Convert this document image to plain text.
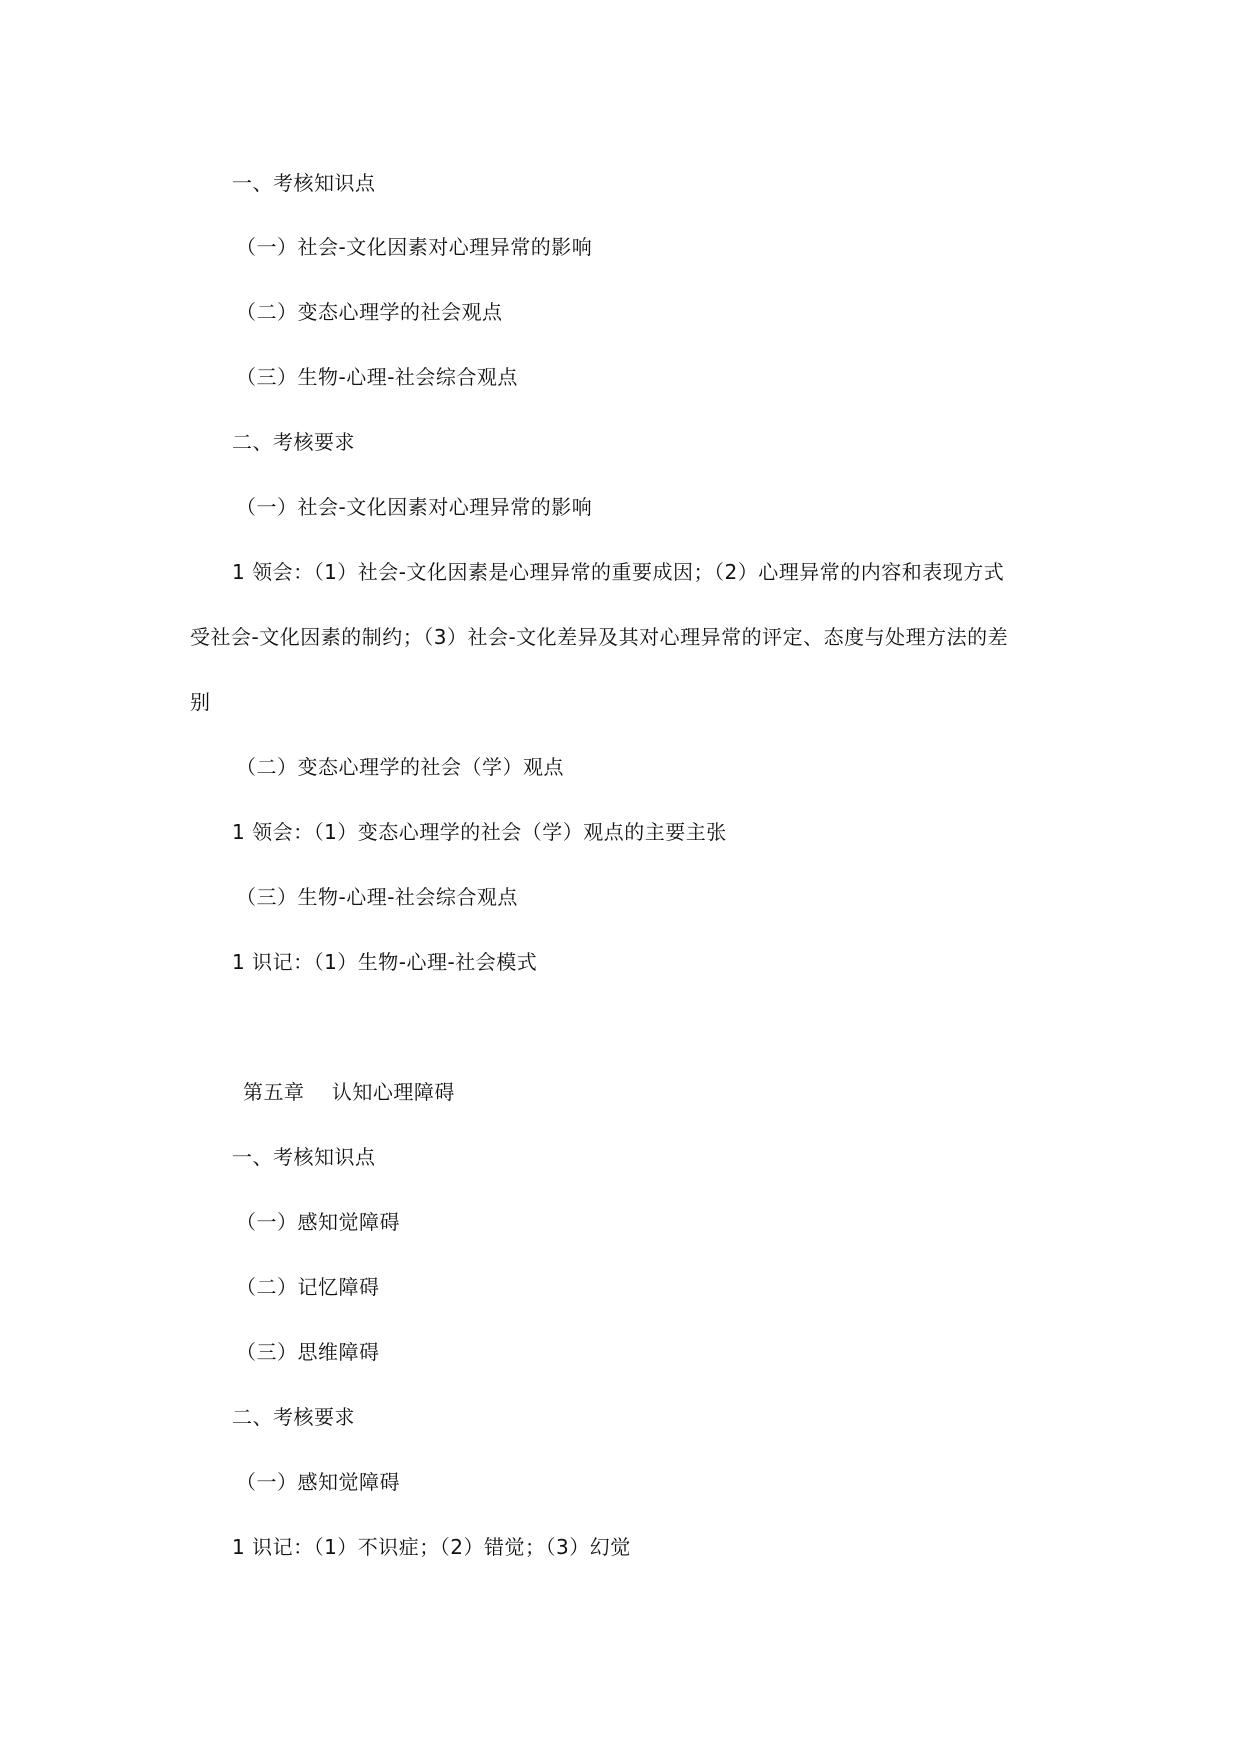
一、考核知识点
（一）社会-文化因素对心理异常的影响
（二）变态心理学的社会观点
（三）生物-心理-社会综合观点
二、考核要求
（一）社会-文化因素对心理异常的影响
1 领会：（1）社会-文化因素是心理异常的重要成因；（2）心理异常的内容和表现方式
受社会-文化因素的制约；（3）社会-文化差异及其对心理异常的评定、态度与处理方法的差
别
（二）变态心理学的社会（学）观点
1 领会：（1）变态心理学的社会（学）观点的主要主张
（三）生物-心理-社会综合观点
1 识记：（1）生物-心理-社会模式
第五章    认知心理障碍
一、考核知识点
（一）感知觉障碍
（二）记忆障碍
（三）思维障碍
二、考核要求
（一）感知觉障碍
1 识记：（1）不识症；（2）错觉；（3）幻觉
